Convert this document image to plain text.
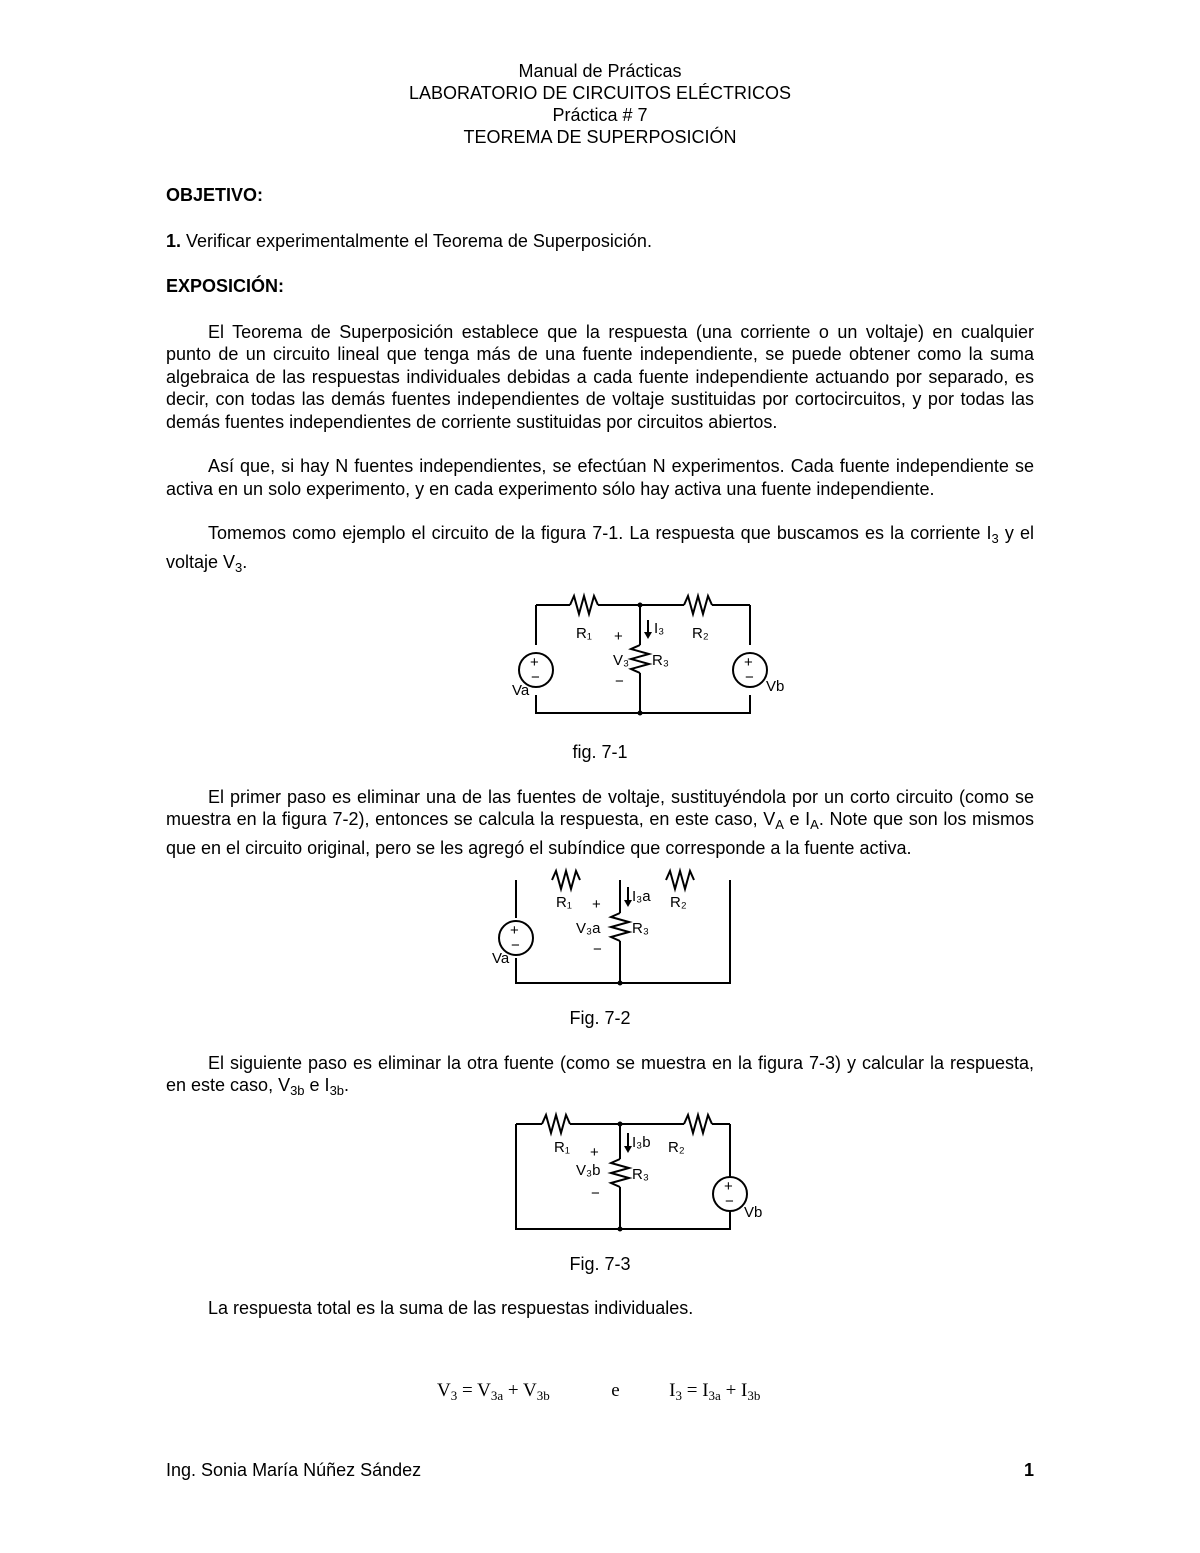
Manual de Prácticas
LABORATORIO DE CIRCUITOS ELÉCTRICOS
Práctica # 7
TEOREMA DE SUPERPOSICIÓN

OBJETIVO:

1. Verificar experimentalmente el Teorema de Superposición.

EXPOSICIÓN:

El Teorema de Superposición establece que la respuesta (una corriente o un voltaje) en cualquier punto de un circuito lineal que tenga más de una fuente independiente, se puede obtener como la suma algebraica de las respuestas individuales debidas a cada fuente independiente actuando por separado, es decir, con todas las demás fuentes independientes de voltaje sustituidas por cortocircuitos, y por todas las demás fuentes independientes de corriente sustituidas por circuitos abiertos.

Así que, si hay N fuentes independientes, se efectúan N experimentos. Cada fuente independiente se activa en un solo experimento, y en cada experimento sólo hay activa una fuente independiente.

Tomemos como ejemplo el circuito de la figura 7-1. La respuesta que buscamos es la corriente $I_3$ y el voltaje $V_3$.

+
−
+
−
R₁	R₂
R₃
I₃
V₃
+
−
Va	Vb
fig. 7-1

El primer paso es eliminar una de las fuentes de voltaje, sustituyéndola por un corto circuito (como se muestra en la figura 7-2), entonces se calcula la respuesta, en este caso, $V_A$ e $I_A$. Note que son los mismos que en el circuito original, pero se les agregó el subíndice que corresponde a la fuente activa.

+
−
R₁	R₂
R₃
I₃a
V₃a
+
−
Va
Fig. 7-2

El siguiente paso es eliminar la otra fuente (como se muestra en la figura 7-3) y calcular la respuesta, en este caso, $V_{3b}$ e $I_{3b}$.

+
−
R₁	R₂
R₃
I₃b
V₃b
+
−
Vb
Fig. 7-3

La respuesta total es la suma de las respuestas individuales.

$V_3 = V_{3a} + V_{3b}$	e	$I_3 = I_{3a} + I_{3b}$
Ing. Sonia María Núñez Sández	1
